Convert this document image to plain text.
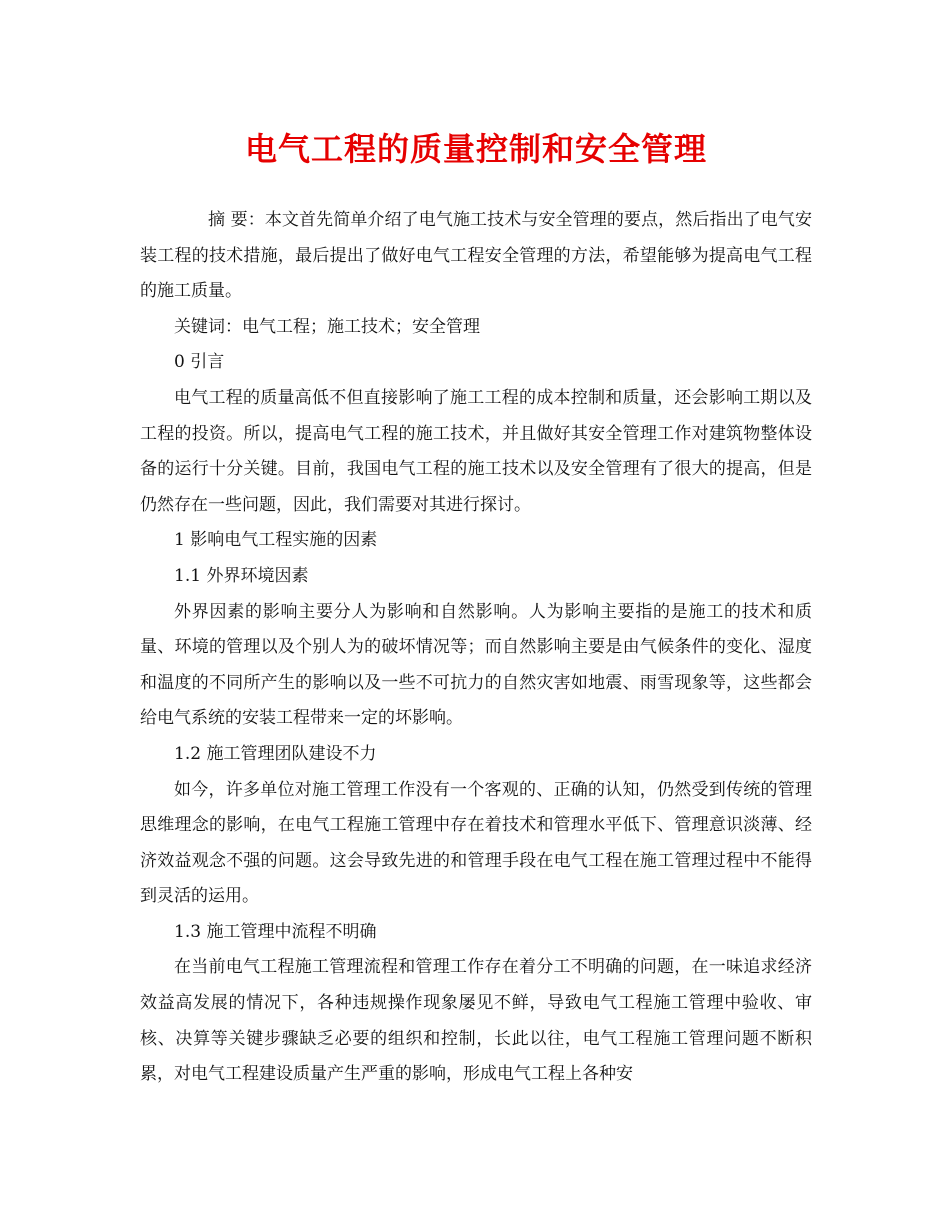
电气工程的质量控制和安全管理

摘 要：本文首先简单介绍了电气施工技术与安全管理的要点，然后指出了电气安装工程的技术措施，最后提出了做好电气工程安全管理的方法，希望能够为提高电气工程的施工质量。

关键词：电气工程；施工技术；安全管理

0 引言

电气工程的质量高低不但直接影响了施工工程的成本控制和质量，还会影响工期以及工程的投资。所以，提高电气工程的施工技术，并且做好其安全管理工作对建筑物整体设备的运行十分关键。目前，我国电气工程的施工技术以及安全管理有了很大的提高，但是仍然存在一些问题，因此，我们需要对其进行探讨。

1 影响电气工程实施的因素

1.1 外界环境因素

外界因素的影响主要分人为影响和自然影响。人为影响主要指的是施工的技术和质量、环境的管理以及个别人为的破坏情况等；而自然影响主要是由气候条件的变化、湿度和温度的不同所产生的影响以及一些不可抗力的自然灾害如地震、雨雪现象等，这些都会给电气系统的安装工程带来一定的坏影响。

1.2 施工管理团队建设不力

如今，许多单位对施工管理工作没有一个客观的、正确的认知，仍然受到传统的管理思维理念的影响，在电气工程施工管理中存在着技术和管理水平低下、管理意识淡薄、经济效益观念不强的问题。这会导致先进的和管理手段在电气工程在施工管理过程中不能得到灵活的运用。

1.3 施工管理中流程不明确

在当前电气工程施工管理流程和管理工作存在着分工不明确的问题，在一味追求经济效益高发展的情况下，各种违规操作现象屡见不鲜，导致电气工程施工管理中验收、审核、决算等关键步骤缺乏必要的组织和控制，长此以往，电气工程施工管理问题不断积累，对电气工程建设质量产生严重的影响，形成电气工程上各种安
